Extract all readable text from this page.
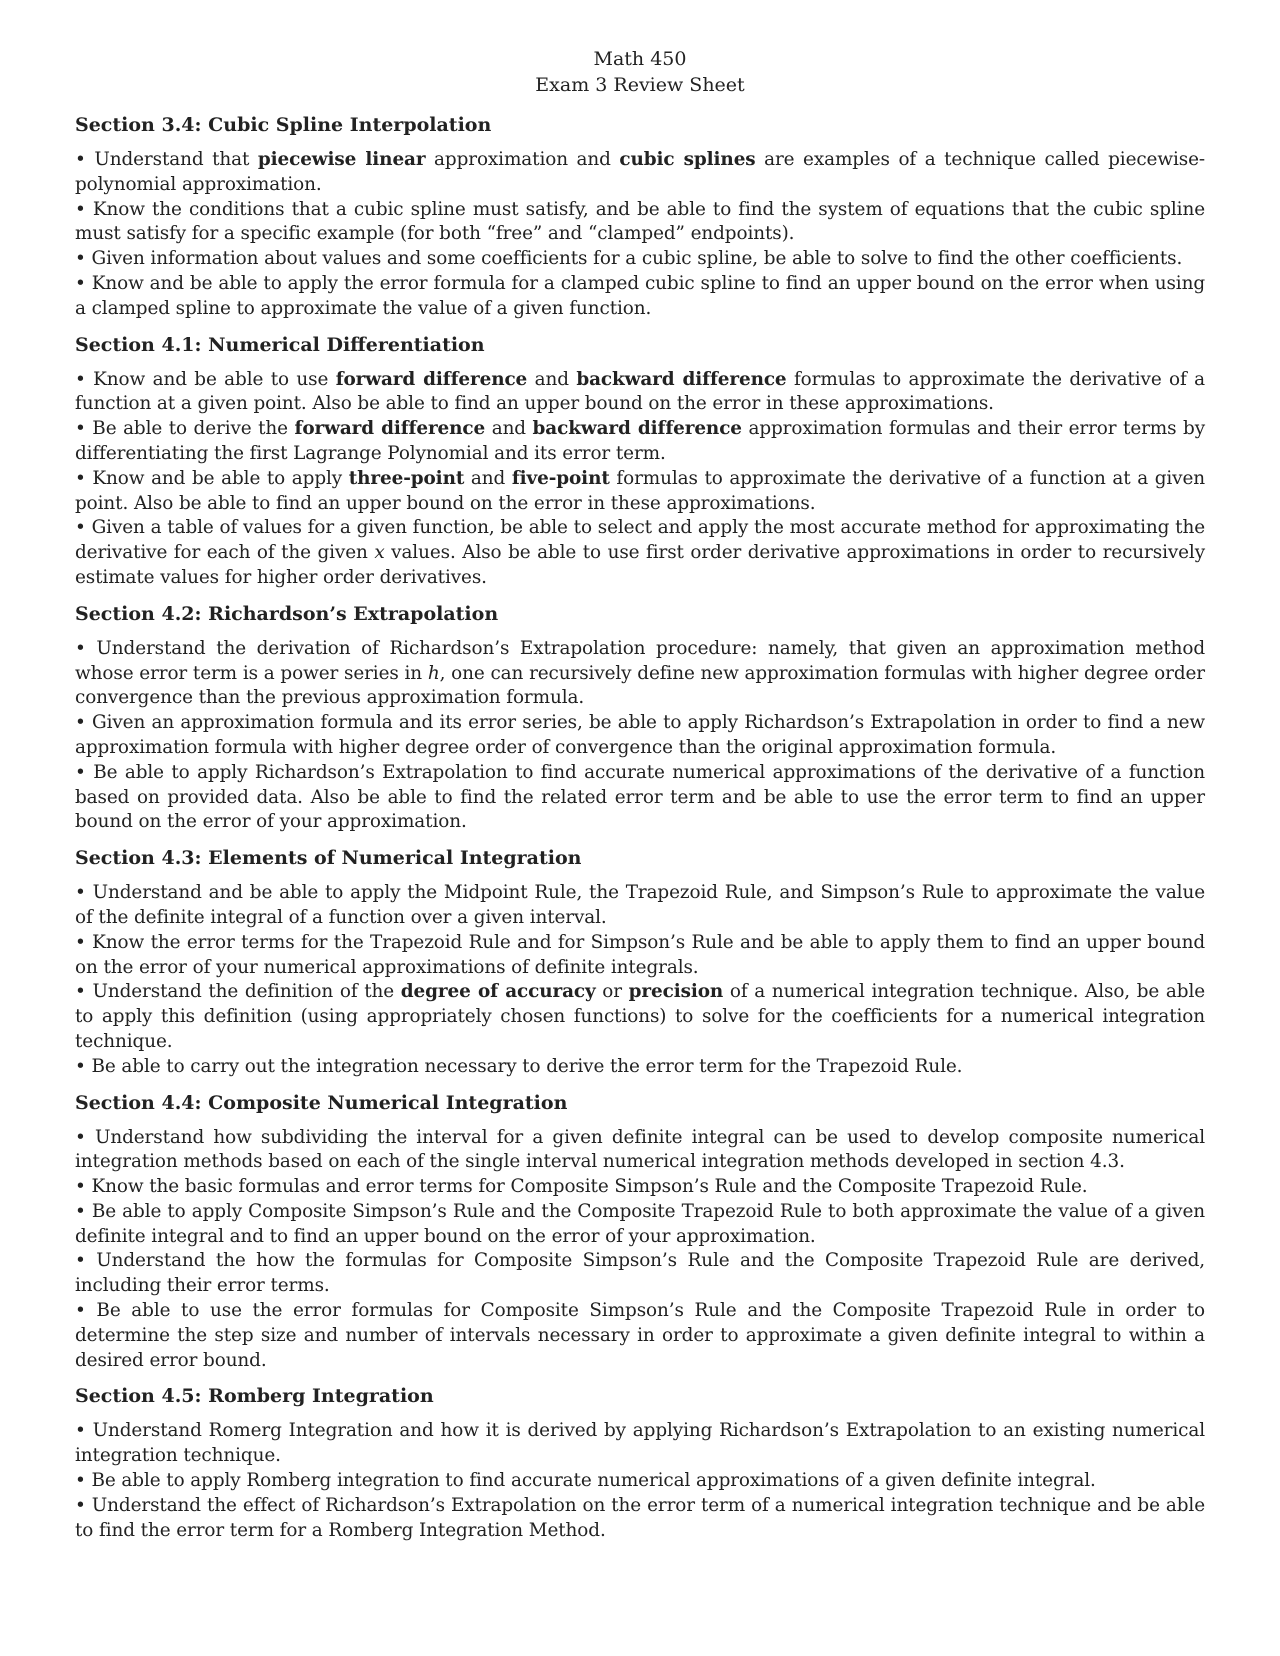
Math 450
Exam 3 Review Sheet
Section 3.4: Cubic Spline Interpolation

• Understand that piecewise linear approximation and cubic splines are examples of a technique called piecewise-polynomial approximation.

• Know the conditions that a cubic spline must satisfy, and be able to find the system of equations that the cubic spline must satisfy for a specific example (for both “free” and “clamped” endpoints).

• Given information about values and some coefficients for a cubic spline, be able to solve to find the other coefficients.

• Know and be able to apply the error formula for a clamped cubic spline to find an upper bound on the error when using a clamped spline to approximate the value of a given function.

Section 4.1: Numerical Differentiation

• Know and be able to use forward difference and backward difference formulas to approximate the derivative of a function at a given point. Also be able to find an upper bound on the error in these approximations.

• Be able to derive the forward difference and backward difference approximation formulas and their error terms by differentiating the first Lagrange Polynomial and its error term.

• Know and be able to apply three-point and five-point formulas to approximate the derivative of a function at a given point. Also be able to find an upper bound on the error in these approximations.

• Given a table of values for a given function, be able to select and apply the most accurate method for approximating the derivative for each of the given x values. Also be able to use first order derivative approximations in order to recursively estimate values for higher order derivatives.

Section 4.2: Richardson’s Extrapolation

• Understand the derivation of Richardson’s Extrapolation procedure: namely, that given an approximation method whose error term is a power series in h, one can recursively define new approximation formulas with higher degree order convergence than the previous approximation formula.

• Given an approximation formula and its error series, be able to apply Richardson’s Extrapolation in order to find a new approximation formula with higher degree order of convergence than the original approximation formula.

• Be able to apply Richardson’s Extrapolation to find accurate numerical approximations of the derivative of a function based on provided data. Also be able to find the related error term and be able to use the error term to find an upper bound on the error of your approximation.

Section 4.3: Elements of Numerical Integration

• Understand and be able to apply the Midpoint Rule, the Trapezoid Rule, and Simpson’s Rule to approximate the value of the definite integral of a function over a given interval.

• Know the error terms for the Trapezoid Rule and for Simpson’s Rule and be able to apply them to find an upper bound on the error of your numerical approximations of definite integrals.

• Understand the definition of the degree of accuracy or precision of a numerical integration technique. Also, be able to apply this definition (using appropriately chosen functions) to solve for the coefficients for a numerical integration technique.

• Be able to carry out the integration necessary to derive the error term for the Trapezoid Rule.

Section 4.4: Composite Numerical Integration

• Understand how subdividing the interval for a given definite integral can be used to develop composite numerical integration methods based on each of the single interval numerical integration methods developed in section 4.3.

• Know the basic formulas and error terms for Composite Simpson’s Rule and the Composite Trapezoid Rule.

• Be able to apply Composite Simpson’s Rule and the Composite Trapezoid Rule to both approximate the value of a given definite integral and to find an upper bound on the error of your approximation.

• Understand the how the formulas for Composite Simpson’s Rule and the Composite Trapezoid Rule are derived, including their error terms.

• Be able to use the error formulas for Composite Simpson’s Rule and the Composite Trapezoid Rule in order to determine the step size and number of intervals necessary in order to approximate a given definite integral to within a desired error bound.

Section 4.5: Romberg Integration

• Understand Romerg Integration and how it is derived by applying Richardson’s Extrapolation to an existing numerical integration technique.

• Be able to apply Romberg integration to find accurate numerical approximations of a given definite integral.

• Understand the effect of Richardson’s Extrapolation on the error term of a numerical integration technique and be able to find the error term for a Romberg Integration Method.
